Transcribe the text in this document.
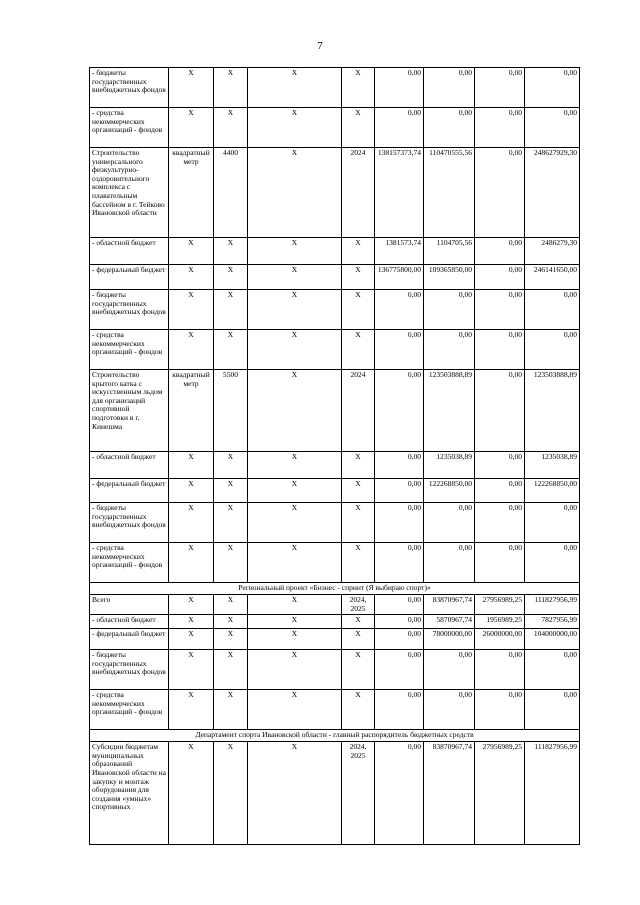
7
- бюджеты государственных внебюджетных фондов	X	X	X	X	0,00	0,00	0,00	0,00
- средства некоммерческих организаций - фондов	X	X	X	X	0,00	0,00	0,00	0,00
Строительство универсального физкультурно-оздоровительного комплекса с плавательным бассейном в г. Тейково Ивановской области	квадратный метр	4400	X	2024	138157373,74	110470555,56	0,00	248627929,30
- областной бюджет	X	X	X	X	1381573,74	1104705,56	0,00	2486279,30
- федеральный бюджет	X	X	X	X	136775800,00	109365850,00	0,00	246141650,00
- бюджеты государственных внебюджетных фондов	X	X	X	X	0,00	0,00	0,00	0,00
- средства некоммерческих организаций - фондов	X	X	X	X	0,00	0,00	0,00	0,00
Строительство крытого катка с искусственным льдом для организаций спортивной подготовки в г. Кинешма	квадратный метр	5500	X	2024	0,00	123503888,89	0,00	123503888,89
- областной бюджет	X	X	X	X	0,00	1235038,89	0,00	1235038,89
- федеральный бюджет	X	X	X	X	0,00	122268850,00	0,00	122268850,00
- бюджеты государственных внебюджетных фондов	X	X	X	X	0,00	0,00	0,00	0,00
- средства некоммерческих организаций - фондов	X	X	X	X	0,00	0,00	0,00	0,00
Региональный проект «Бизнес - спринт (Я выбираю спорт)»								
Всего	X	X	X	2024, 2025	0,00	83870967,74	27956989,25	111827956,99
- областной бюджет	X	X	X	X	0,00	5870967,74	1956989,25	7827956,99
- федеральный бюджет	X	X	X	X	0,00	78000000,00	26000000,00	104000000,00
- бюджеты государственных внебюджетных фондов	X	X	X	X	0,00	0,00	0,00	0,00
- средства некоммерческих организаций - фондов	X	X	X	X	0,00	0,00	0,00	0,00
Департамент спорта Ивановской области - главный распорядитель бюджетных средств								
Субсидии бюджетам муниципальных образований Ивановской области на закупку и монтаж оборудования для создания «умных» спортивных	X	X	X	2024, 2025	0,00	83870967,74	27956989,25	111827956,99
